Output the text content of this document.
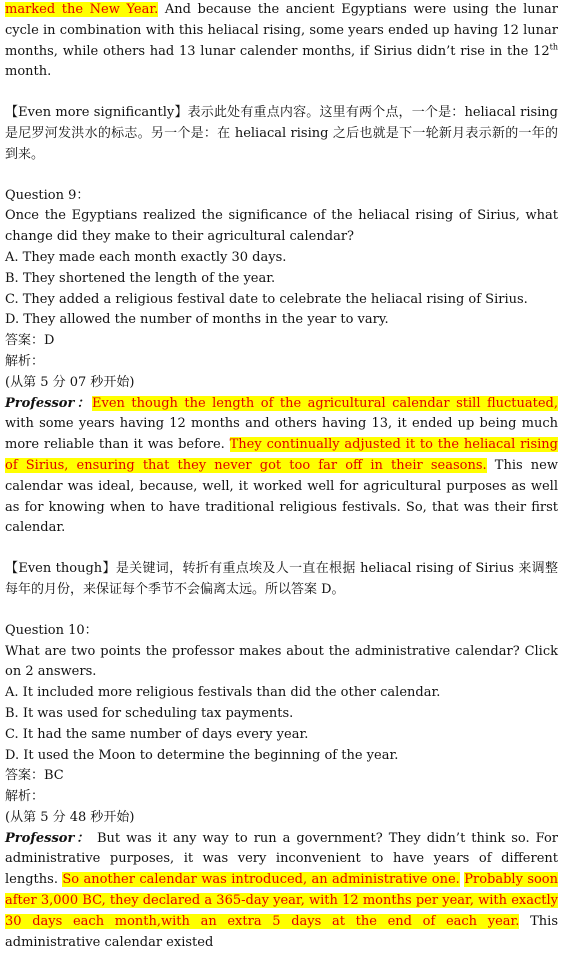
marked the New Year. And because the ancient Egyptians were using the lunar cycle in combination with this heliacal rising, some years ended up having 12 lunar months, while others had 13 lunar calender months, if Sirius didn’t rise in the 12th month.

【Even more significantly】表示此处有重点内容。这里有两个点，一个是：heliacal rising 是尼罗河发洪水的标志。另一个是：在 heliacal rising 之后也就是下一轮新月表示新的一年的到来。

Question 9：

Once the Egyptians realized the significance of the heliacal rising of Sirius, what change did they make to their agricultural calendar?

A. They made each month exactly 30 days.

B. They shortened the length of the year.

C. They added a religious festival date to celebrate the heliacal rising of Sirius.

D. They allowed the number of months in the year to vary.

答案：D

解析：

(从第 5 分 07 秒开始)

Professor：Even though the length of the agricultural calendar still fluctuated, with some years having 12 months and others having 13, it ended up being much more reliable than it was before. They continually adjusted it to the heliacal rising of Sirius, ensuring that they never got too far off in their seasons. This new calendar was ideal, because, well, it worked well for agricultural purposes as well as for knowing when to have traditional religious festivals. So, that was their first calendar.

【Even though】是关键词，转折有重点埃及人一直在根据 heliacal rising of Sirius 来调整每年的月份，来保证每个季节不会偏离太远。所以答案 D。

Question 10：

What are two points the professor makes about the administrative calendar? Click on 2 answers.

A. It included more religious festivals than did the other calendar.

B. It was used for scheduling tax payments.

C. It had the same number of days every year.

D. It used the Moon to determine the beginning of the year.

答案：BC

解析：

(从第 5 分 48 秒开始)

Professor： But was it any way to run a government? They didn’t think so. For administrative purposes, it was very inconvenient to have years of different lengths. So another calendar was introduced, an administrative one. Probably soon after 3,000 BC, they declared a 365-day year, with 12 months per year, with exactly 30 days each month,with an extra 5 days at the end of each year. This administrative calendar existed
